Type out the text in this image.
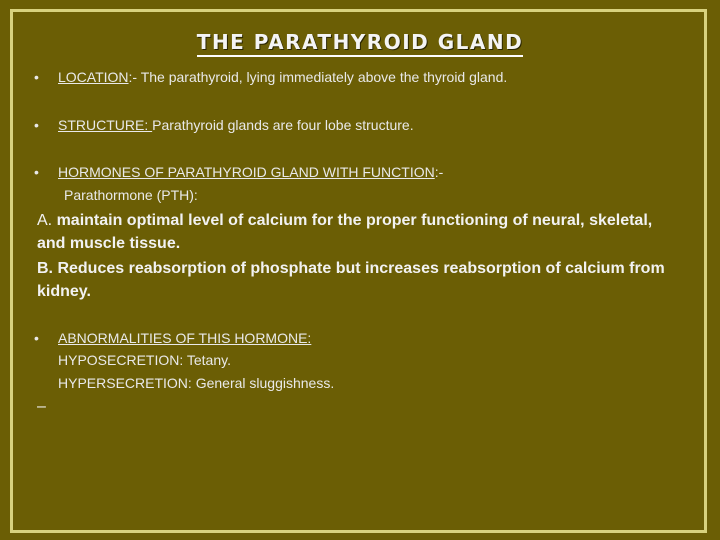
THE PARATHYROID GLAND
• LOCATION:- The parathyroid, lying immediately above the thyroid gland.
• STRUCTURE: Parathyroid glands are four lobe structure.
• HORMONES OF PARATHYROID GLAND WITH FUNCTION:-
Parathormone (PTH):
A. maintain optimal level of calcium for the proper functioning of neural, skeletal, and muscle tissue.
B. Reduces reabsorption of phosphate but increases reabsorption of calcium from kidney.
• ABNORMALITIES OF THIS HORMONE:
HYPOSECRETION: Tetany.
HYPERSECRETION: General sluggishness.
–
